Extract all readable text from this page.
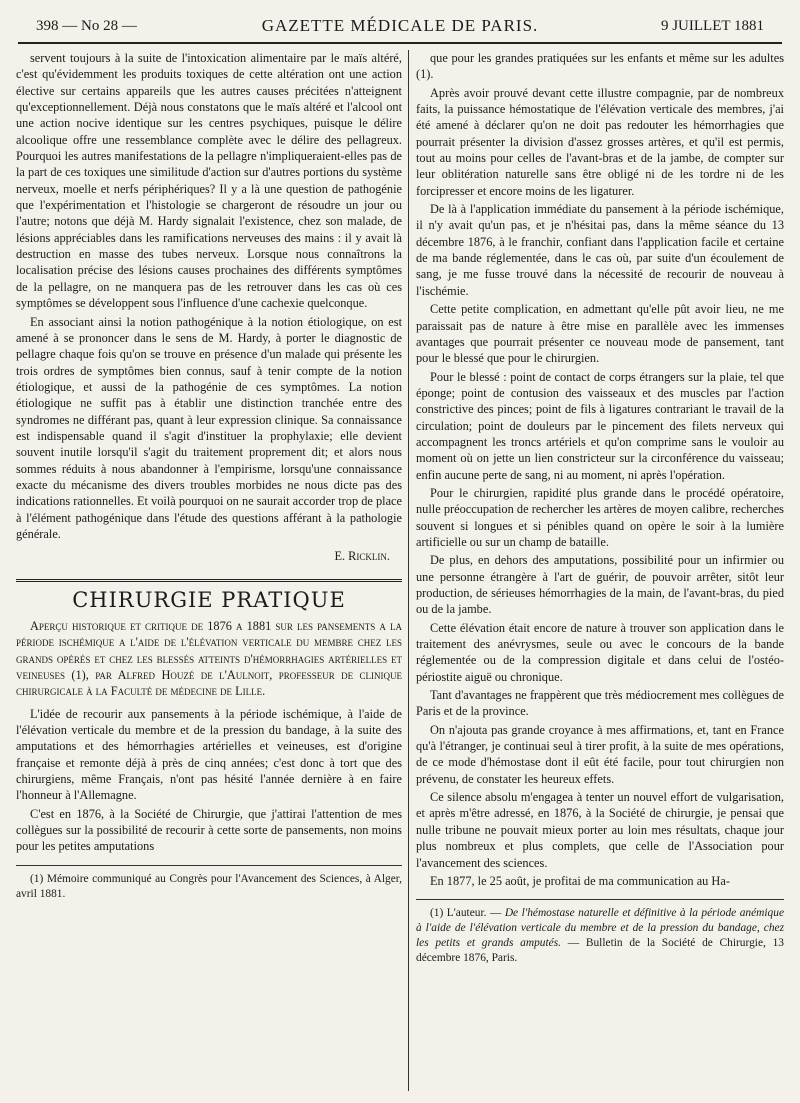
398 — No 28 —	GAZETTE MÉDICALE DE PARIS.	9 JUILLET 1881

servent toujours à la suite de l'intoxication alimentaire par le maïs altéré, c'est qu'évidemment les produits toxiques de cette altération ont une action élective sur certains appareils que les autres causes précitées n'atteignent qu'exceptionnellement. Déjà nous constatons que le maïs altéré et l'alcool ont une action nocive identique sur les centres psychiques, puisque le délire alcoolique offre une ressemblance complète avec le délire des pellagreux. Pourquoi les autres manifestations de la pellagre n'impliqueraient-elles pas de la part de ces toxiques une similitude d'action sur d'autres portions du système nerveux, moelle et nerfs périphériques? Il y a là une question de pathogénie que l'expérimentation et l'histologie se chargeront de résoudre un jour ou l'autre; notons que déjà M. Hardy signalait l'existence, chez son malade, de lésions appréciables dans les ramifications nerveuses des mains : il y avait là destruction en masse des tubes nerveux. Lorsque nous connaîtrons la localisation précise des lésions causes prochaines des différents symptômes de la pellagre, on ne manquera pas de les retrouver dans les cas où ces symptômes se développent sous l'influence d'une cachexie quelconque.

En associant ainsi la notion pathogénique à la notion étiologique, on est amené à se prononcer dans le sens de M. Hardy, à porter le diagnostic de pellagre chaque fois qu'on se trouve en présence d'un malade qui présente les trois ordres de symptômes bien connus, sauf à tenir compte de la notion étiologique, et aussi de la pathogénie de ces symptômes. La notion étiologique ne suffit pas à établir une distinction tranchée entre des syndromes ne différant pas, quant à leur expression clinique. Sa connaissance est indispensable quand il s'agit d'instituer la prophylaxie; elle devient souvent inutile lorsqu'il s'agit du traitement proprement dit; et alors nous sommes réduits à nous abandonner à l'empirisme, lorsqu'une connaissance exacte du mécanisme des divers troubles morbides ne nous dicte pas des indications rationnelles. Et voilà pourquoi on ne saurait accorder trop de place à l'élément pathogénique dans l'étude des questions afférant à la pathologie générale.

E. Ricklin.
CHIRURGIE PRATIQUE
Aperçu historique et critique de 1876 a 1881 sur les pansements a la période ischémique a l'aide de l'élévation verticale du membre chez les grands opérés et chez les blessés atteints d'hémorrhagies artérielles et veineuses (1), par Alfred Houzé de l'Aulnoit, professeur de clinique chirurgicale à la Faculté de médecine de Lille.

L'idée de recourir aux pansements à la période ischémique, à l'aide de l'élévation verticale du membre et de la pression du bandage, à la suite des amputations et des hémorrhagies artérielles et veineuses, est d'origine française et remonte déjà à près de cinq années; c'est donc à tort que des chirurgiens, même Français, n'ont pas hésité l'année dernière à en faire l'honneur à l'Allemagne.

C'est en 1876, à la Société de Chirurgie, que j'attirai l'attention de mes collègues sur la possibilité de recourir à cette sorte de pansements, non moins pour les petites amputations

(1) Mémoire communiqué au Congrès pour l'Avancement des Sciences, à Alger, avril 1881.

que pour les grandes pratiquées sur les enfants et même sur les adultes (1).

Après avoir prouvé devant cette illustre compagnie, par de nombreux faits, la puissance hémostatique de l'élévation verticale des membres, j'ai été amené à déclarer qu'on ne doit pas redouter les hémorrhagies que pourrait présenter la division d'assez grosses artères, et qu'il est permis, tout au moins pour celles de l'avant-bras et de la jambe, de compter sur leur oblitération naturelle sans être obligé ni de les tordre ni de les forcipresser et encore moins de les ligaturer.

De là à l'application immédiate du pansement à la période ischémique, il n'y avait qu'un pas, et je n'hésitai pas, dans la même séance du 13 décembre 1876, à le franchir, confiant dans l'application facile et certaine de ma bande réglementée, dans le cas où, par suite d'un écoulement de sang, je me fusse trouvé dans la nécessité de recourir de nouveau à l'ischémie.

Cette petite complication, en admettant qu'elle pût avoir lieu, ne me paraissait pas de nature à être mise en parallèle avec les immenses avantages que pourrait présenter ce nouveau mode de pansement, tant pour le blessé que pour le chirurgien.

Pour le blessé : point de contact de corps étrangers sur la plaie, tel que éponge; point de contusion des vaisseaux et des muscles par l'action constrictive des pinces; point de fils à ligatures contrariant le travail de la circulation; point de douleurs par le pincement des filets nerveux qui accompagnent les troncs artériels et qu'on comprime sans le vouloir au moment où on jette un lien constricteur sur la circonférence du vaisseau; enfin aucune perte de sang, ni au moment, ni après l'opération.

Pour le chirurgien, rapidité plus grande dans le procédé opératoire, nulle préoccupation de rechercher les artères de moyen calibre, recherches souvent si longues et si pénibles quand on opère le soir à la lumière artificielle ou sur un champ de bataille.

De plus, en dehors des amputations, possibilité pour un infirmier ou une personne étrangère à l'art de guérir, de pouvoir arrêter, sitôt leur production, de sérieuses hémorrhagies de la main, de l'avant-bras, du pied ou de la jambe.

Cette élévation était encore de nature à trouver son application dans le traitement des anévrysmes, seule ou avec le concours de la bande réglementée ou de la compression digitale et dans celui de l'ostéo-périostite aiguë ou chronique.

Tant d'avantages ne frappèrent que très médiocrement mes collègues de Paris et de la province.

On n'ajouta pas grande croyance à mes affirmations, et, tant en France qu'à l'étranger, je continuai seul à tirer profit, à la suite de mes opérations, de ce mode d'hémostase dont il eût été facile, pour tout chirurgien non prévenu, de constater les heureux effets.

Ce silence absolu m'engagea à tenter un nouvel effort de vulgarisation, et après m'être adressé, en 1876, à la Société de chirurgie, je pensai que nulle tribune ne pouvait mieux porter au loin mes résultats, chaque jour plus nombreux et plus complets, que celle de l'Association pour l'avancement des sciences.

En 1877, le 25 août, je profitai de ma communication au Ha-

(1) L'auteur. — De l'hémostase naturelle et définitive à la période anémique à l'aide de l'élévation verticale du membre et de la pression du bandage, chez les petits et grands amputés. — Bulletin de la Société de Chirurgie, 13 décembre 1876, Paris.
